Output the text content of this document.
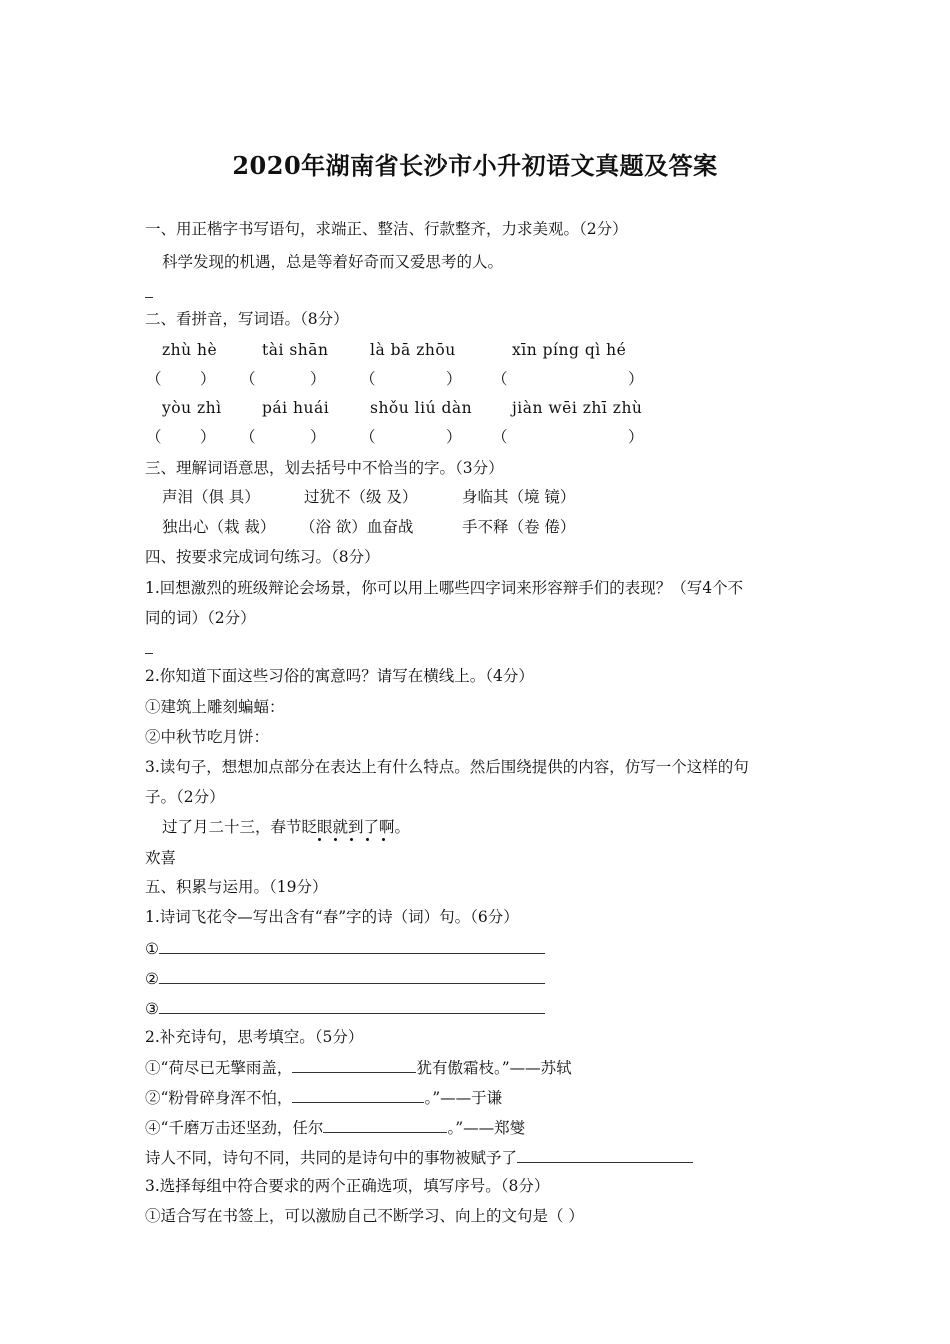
2020年湖南省长沙市小升初语文真题及答案
一、用正楷字书写语句，求端正、整洁、行款整齐，力求美观。（2分）
科学发现的机遇，总是等着好奇而又爱思考的人。
二、看拼音，写词语。（8分）
zhù hè	tài shān	là bā zhōu	xīn píng qì hé
（ ） （	） （	） （	）
yòu zhì	pái huái	shǒu liú dàn	jiàn wēi zhī zhù
（ ） （	） （	） （	）
三、理解词语意思，划去括号中不恰当的字。（3分）
声泪（俱 具）	过犹不（级 及）	身临其（境 镜）
独出心（栽 裁） （浴 欲）血奋战	手不释（卷 倦）
四、按要求完成词句练习。（8分）
1.回想激烈的班级辩论会场景，你可以用上哪些四字词来形容辩手们的表现？（写4个不
同的词）（2分）
2.你知道下面这些习俗的寓意吗？请写在横线上。（4分）
①建筑上雕刻蝙蝠：
②中秋节吃月饼：
3.读句子，想想加点部分在表达上有什么特点。然后围绕提供的内容，仿写一个这样的句
子。（2分）
过了月二十三，春节眨眼就到了啊。
欢喜
五、积累与运用。（19分）
1.诗词飞花令—写出含有“春”字的诗（词）句。（6分）
①
②
③
2.补充诗句，思考填空。（5分）
①“荷尽已无擎雨盖，	犹有傲霜枝。”——苏轼
②“粉骨碎身浑不怕，	。”——于谦
④“千磨万击还坚劲，任尔	。”——郑燮
诗人不同，诗句不同，共同的是诗句中的事物被赋予了
3.选择每组中符合要求的两个正确选项，填写序号。（8分）
①适合写在书签上，可以激励自己不断学习、向上的文句是（ ）
